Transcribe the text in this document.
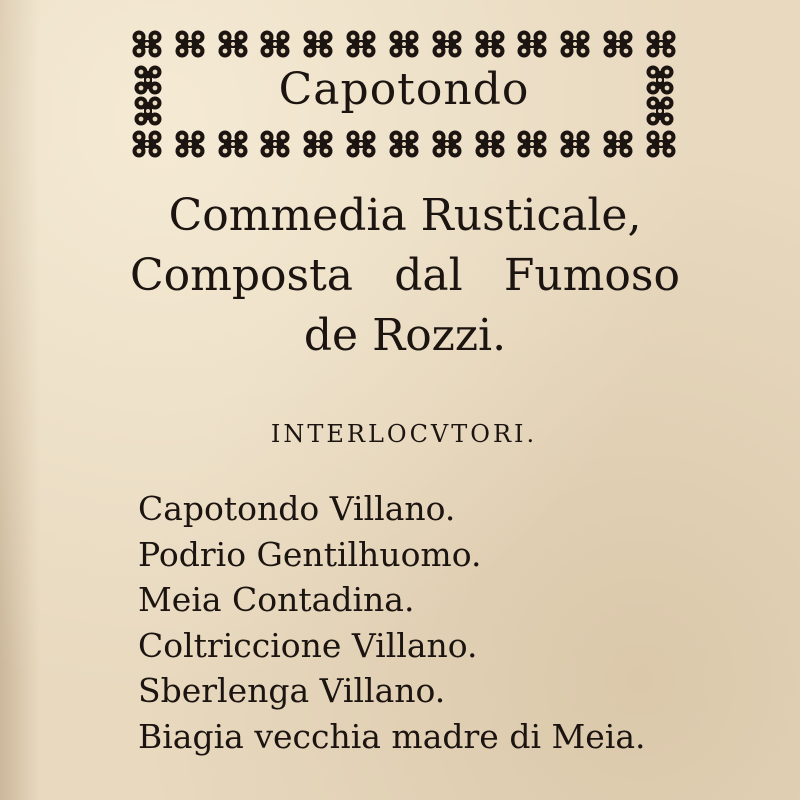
Capotondo
Commedia Rusticale,
Composta dal Fumoso
de Rozzi.
INTERLOCVTORI.
Capotondo Villano.
Podrio Gentilhuomo.
Meia Contadina.
Coltriccione Villano.
Sberlenga Villano.
Biagia vecchia madre di Meia.
